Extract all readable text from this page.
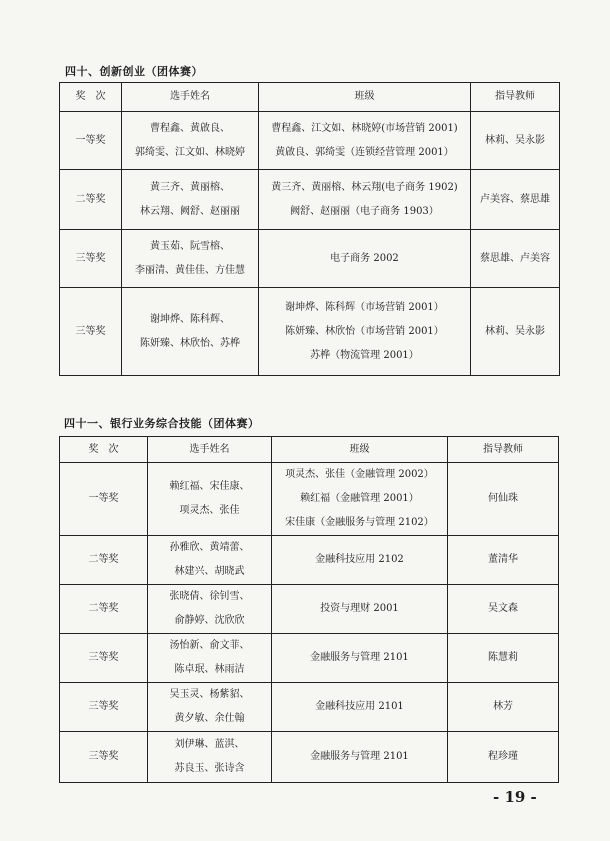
四十、创新创业（团体赛）
奖　次	选手姓名	班级	指导教师
一等奖	曹程鑫、黄啟良、
郭绮雯、江文如、林晓婷	曹程鑫、江文如、林晓婷(市场营销 2001)
黄啟良、郭绮雯（连锁经营管理 2001）	林莉、吴永影
二等奖	黄三齐、黄丽榕、
林云翔、阙舒、赵丽丽	黄三齐、黄丽榕、林云翔(电子商务 1902)
阙舒、赵丽丽（电子商务 1903）	卢美容、蔡思雄
三等奖	黄玉茹、阮雪榕、
李丽清、黄佳佳、方佳慧	电子商务 2002	蔡思雄、卢美容
三等奖	谢坤烨、陈科辉、
陈妍臻、林欣怡、苏桦	谢坤烨、陈科辉（市场营销 2001）
陈妍臻、林欣怡（市场营销 2001）
苏桦（物流管理 2001）	林莉、吴永影
四十一、银行业务综合技能（团体赛）
奖　次	选手姓名	班级	指导教师
一等奖	赖红福、宋佳康、
项灵杰、张佳	项灵杰、张佳（金融管理 2002）
赖红福（金融管理 2001）
宋佳康（金融服务与管理 2102）	何仙珠
二等奖	孙雅欣、黄靖蕾、
林建兴、胡晓武	金融科技应用 2102	董清华
二等奖	张晓倩、徐钊雪、
俞静婷、沈欣欣	投资与理财 2001	吴文森
三等奖	汤怡新、俞文菲、
陈卓珉、林雨洁	金融服务与管理 2101	陈慧莉
三等奖	吴玉灵、杨紫貂、
黄夕敏、余仕翰	金融科技应用 2101	林芳
三等奖	刘伊琳、蓝淇、
苏良玉、张诗含	金融服务与管理 2101	程珍瑾
- 19 -
